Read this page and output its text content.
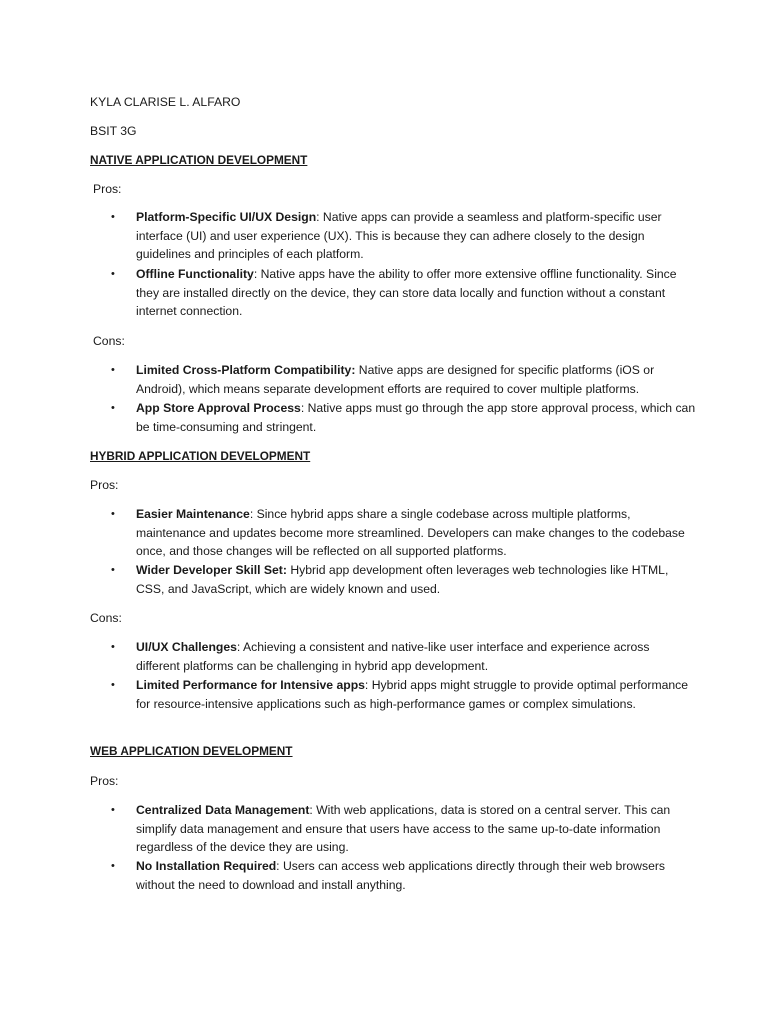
KYLA CLARISE L. ALFARO
BSIT 3G
NATIVE APPLICATION DEVELOPMENT
Pros:
• Platform-Specific UI/UX Design: Native apps can provide a seamless and platform-specific user interface (UI) and user experience (UX). This is because they can adhere closely to the design guidelines and principles of each platform.
• Offline Functionality: Native apps have the ability to offer more extensive offline functionality. Since they are installed directly on the device, they can store data locally and function without a constant internet connection.
Cons:
• Limited Cross-Platform Compatibility: Native apps are designed for specific platforms (iOS or Android), which means separate development efforts are required to cover multiple platforms.
• App Store Approval Process: Native apps must go through the app store approval process, which can be time-consuming and stringent.
HYBRID APPLICATION DEVELOPMENT
Pros:
• Easier Maintenance: Since hybrid apps share a single codebase across multiple platforms, maintenance and updates become more streamlined. Developers can make changes to the codebase once, and those changes will be reflected on all supported platforms.
• Wider Developer Skill Set: Hybrid app development often leverages web technologies like HTML, CSS, and JavaScript, which are widely known and used.
Cons:
• UI/UX Challenges: Achieving a consistent and native-like user interface and experience across different platforms can be challenging in hybrid app development.
• Limited Performance for Intensive apps: Hybrid apps might struggle to provide optimal performance for resource-intensive applications such as high-performance games or complex simulations.
WEB APPLICATION DEVELOPMENT
Pros:
• Centralized Data Management: With web applications, data is stored on a central server. This can simplify data management and ensure that users have access to the same up-to-date information regardless of the device they are using.
• No Installation Required: Users can access web applications directly through their web browsers without the need to download and install anything.
